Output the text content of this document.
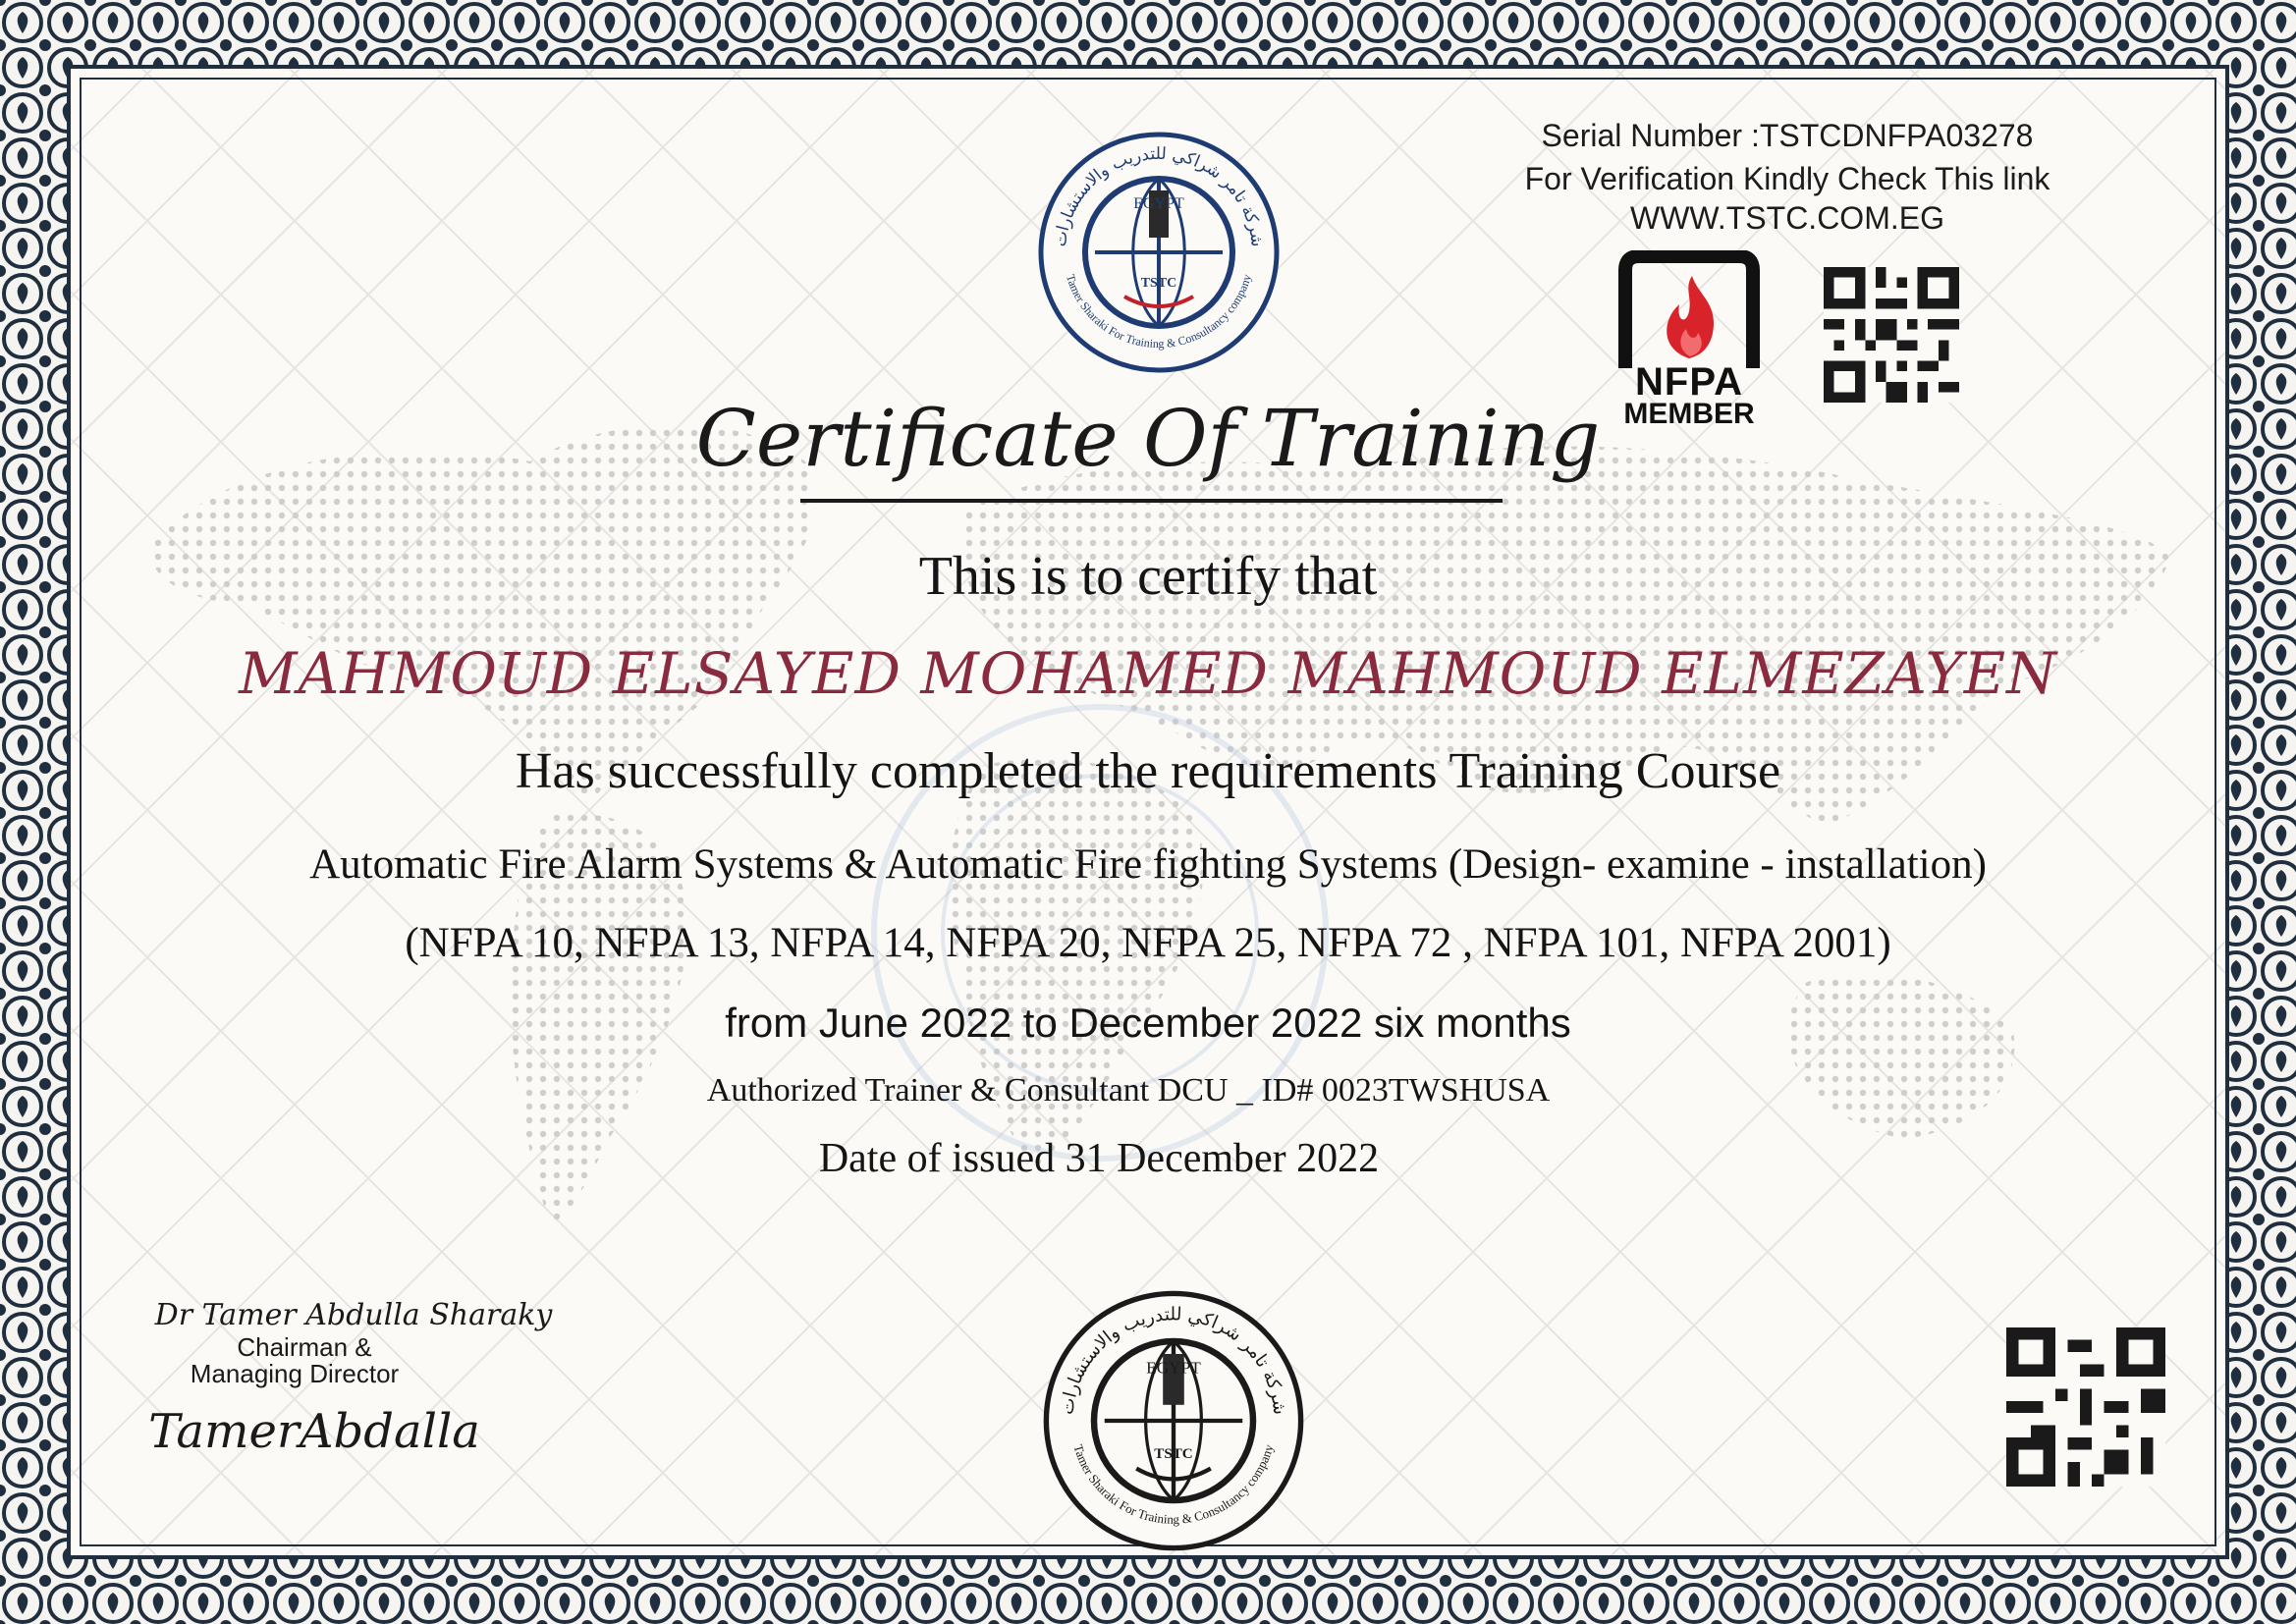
EGYPT
TSTC
شركة تامر شراكي للتدريب والاستشارات
Tamer Sharaki For Training & Consultancy company
Serial Number :TSTCDNFPA03278
For Verification Kindly Check This link
WWW.TSTC.COM.EG
NFPA
MEMBER
Certificate Of Training
This is to certify that
MAHMOUD ELSAYED MOHAMED MAHMOUD ELMEZAYEN
Has successfully completed the requirements Training Course
Automatic Fire Alarm Systems & Automatic Fire fighting Systems (Design- examine - installation)
(NFPA 10, NFPA 13, NFPA 14, NFPA 20, NFPA 25, NFPA 72 , NFPA 101, NFPA 2001)
from June 2022 to December 2022 six months
Authorized Trainer & Consultant DCU _ ID# 0023TWSHUSA
Date of issued 31 December 2022
Dr Tamer Abdulla Sharaky
Chairman &
Managing Director
TamerAbdalla
EGYPT
TSTC
شركة تامر شراكي للتدريب والاستشارات
Tamer Sharaki For Training & Consultancy company
